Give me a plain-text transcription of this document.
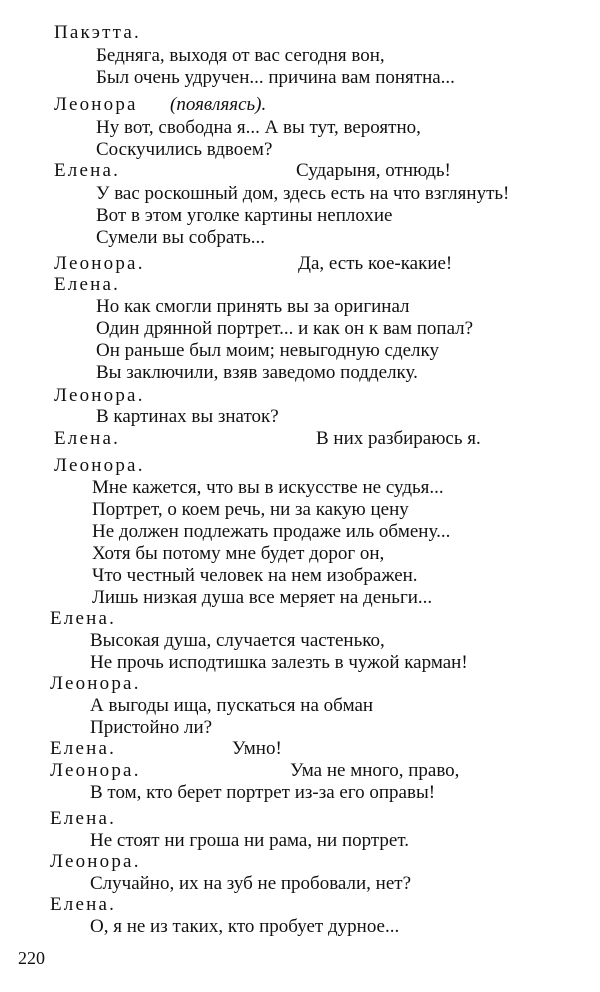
Пакэтта.
Бедняга, выходя от вас сегодня вон,
Был очень удручен... причина вам понятна...
Леонора (появляясь).
Ну вот, свободна я... А вы тут, вероятно,
Соскучились вдвоем?
Елена.	Сударыня, отнюдь!
У вас роскошный дом, здесь есть на что взглянуть!
Вот в этом уголке картины неплохие
Сумели вы собрать...
Леонора.	Да, есть кое-какие!
Елена.
Но как смогли принять вы за оригинал
Один дрянной портрет... и как он к вам попал?
Он раньше был моим; невыгодную сделку
Вы заключили, взяв заведомо подделку.
Леонора.
В картинах вы знаток?
Елена.	В них разбираюсь я.
Леонора.
Мне кажется, что вы в искусстве не судья...
Портрет, о коем речь, ни за какую цену
Не должен подлежать продаже иль обмену...
Хотя бы потому мне будет дорог он,
Что честный человек на нем изображен.
Лишь низкая душа все меряет на деньги...
Елена.
Высокая душа, случается частенько,
Не прочь исподтишка залезть в чужой карман!
Леонора.
А выгоды ища, пускаться на обман
Пристойно ли?
Елена.	Умно!
Леонора.	Ума не много, право,
В том, кто берет портрет из-за его оправы!
Елена.
Не стоят ни гроша ни рама, ни портрет.
Леонора.
Случайно, их на зуб не пробовали, нет?
Елена.
О, я не из таких, кто пробует дурное...
220
